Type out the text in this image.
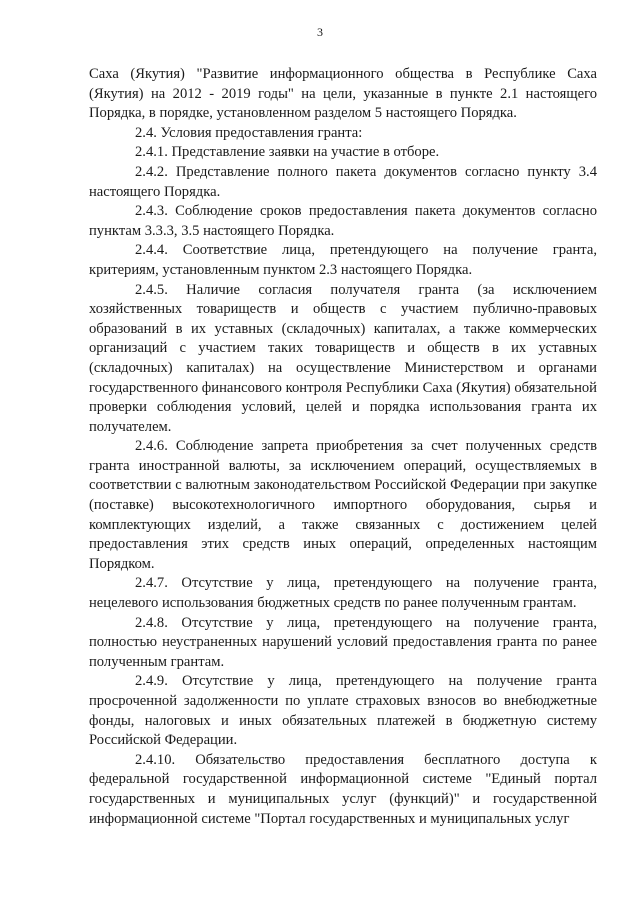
3

Саха (Якутия) "Развитие информационного общества в Республике Саха (Якутия) на 2012 - 2019 годы" на цели, указанные в пункте 2.1 настоящего Порядка, в порядке, установленном разделом 5 настоящего Порядка.

2.4. Условия предоставления гранта:

2.4.1. Представление заявки на участие в отборе.

2.4.2. Представление полного пакета документов согласно пункту 3.4 настоящего Порядка.

2.4.3. Соблюдение сроков предоставления пакета документов согласно пунктам 3.3.3, 3.5 настоящего Порядка.

2.4.4. Соответствие лица, претендующего на получение гранта, критериям, установленным пунктом 2.3 настоящего Порядка.

2.4.5. Наличие согласия получателя гранта (за исключением хозяйственных товариществ и обществ с участием публично-правовых образований в их уставных (складочных) капиталах, а также коммерческих организаций с участием таких товариществ и обществ в их уставных (складочных) капиталах) на осуществление Министерством и органами государственного финансового контроля Республики Саха (Якутия) обязательной проверки соблюдения условий, целей и порядка использования гранта их получателем.

2.4.6. Соблюдение запрета приобретения за счет полученных средств гранта иностранной валюты, за исключением операций, осуществляемых в соответствии с валютным законодательством Российской Федерации при закупке (поставке) высокотехнологичного импортного оборудования, сырья и комплектующих изделий, а также связанных с достижением целей предоставления этих средств иных операций, определенных настоящим Порядком.

2.4.7. Отсутствие у лица, претендующего на получение гранта, нецелевого использования бюджетных средств по ранее полученным грантам.

2.4.8. Отсутствие у лица, претендующего на получение гранта, полностью неустраненных нарушений условий предоставления гранта по ранее полученным грантам.

2.4.9. Отсутствие у лица, претендующего на получение гранта просроченной задолженности по уплате страховых взносов во внебюджетные фонды, налоговых и иных обязательных платежей в бюджетную систему Российской Федерации.

2.4.10. Обязательство предоставления бесплатного доступа к федеральной государственной информационной системе "Единый портал государственных и муниципальных услуг (функций)" и государственной информационной системе "Портал государственных и муниципальных услуг
